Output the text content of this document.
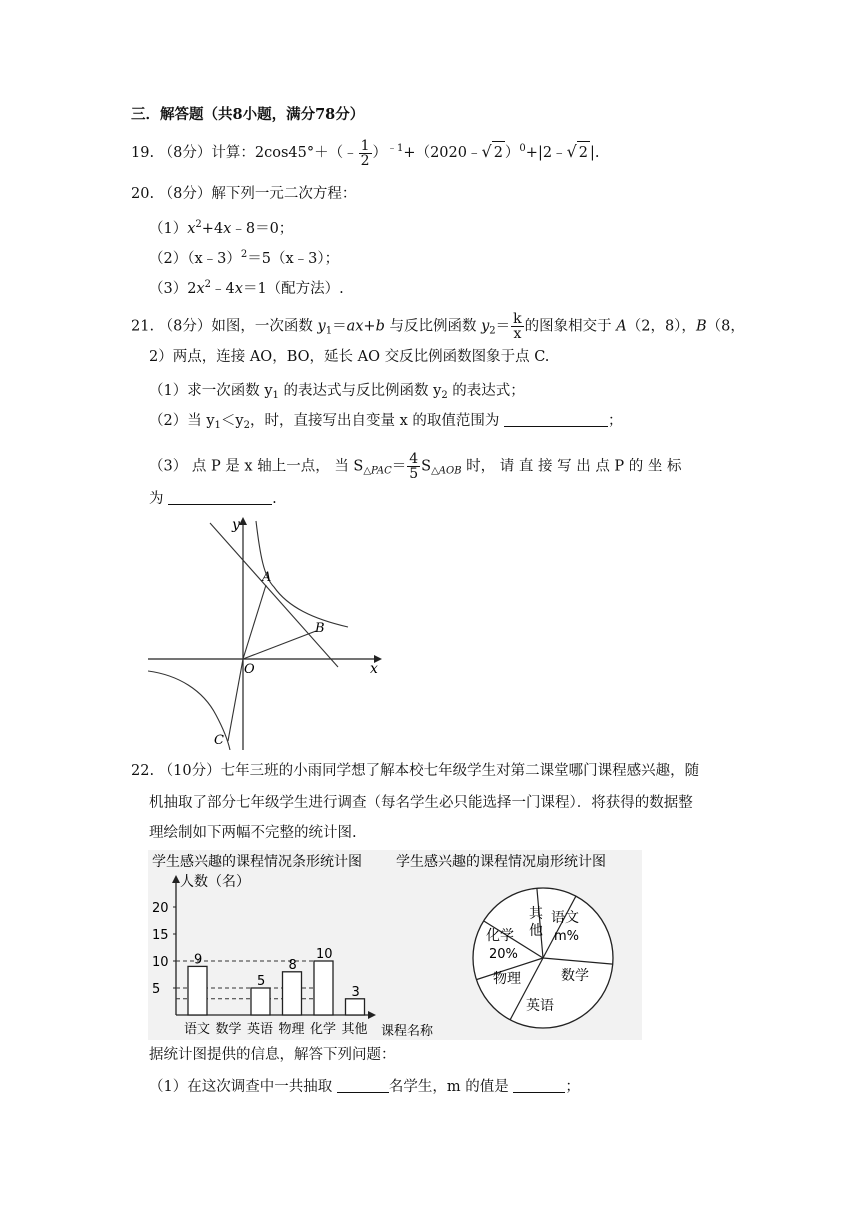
三．解答题（共8小题，满分78分）
19. （8分）计算：2cos45°＋（﹣ $\frac{1}{2}$ ）$^{﹣1}$+（2020﹣√ 2 ）$^0$+|2﹣√ 2 |.
20. （8分）解下列一元二次方程：
$(1)x^2+4x﹣8=0$；
（2）（x﹣3）$^2$＝5（x﹣3）；
$(3)2x^2﹣4x=1$（配方法）.
21. （8分）如图，一次函数 $y_1=ax+b$ 与反比例函数 $y_2= \frac{k}{x}$ 的图象相交于 A（2，8），B（8，
2）两点，连接 AO，BO，延长 AO 交反比例函数图象于点 C.
（1）求一次函数 $y_1$ 的表达式与反比例函数 $y_2$ 的表达式；
（2）当 $y_1<y_2$，时，直接写出自变量 x 的取值范围为	；
（3） 点 P 是 x 轴上一点， 当 $S_{\triangle PAC}= \frac{4}{5} S_{\triangle AOB}$ 时， 请 直 接 写 出 点 P 的 坐 标
为	.
y
x
O
A
B
C
22. （10分）七年三班的小雨同学想了解本校七年级学生对第二课堂哪门课程感兴趣，随
机抽取了部分七年级学生进行调查（每名学生必只能选择一门课程）．将获得的数据整
理绘制如下两幅不完整的统计图.
学生感兴趣的课程情况条形统计图
人数（名）
课程名称
20
15
10
5
语文 数学 英语 物理 化学 其他
9
5
8
10
3
学生感兴趣的课程情况扇形统计图
其
他
语文
m%
数学
英语
物理
化学
20%
据统计图提供的信息，解答下列问题：
（1）在这次调查中一共抽取	名学生，m 的值是	；
